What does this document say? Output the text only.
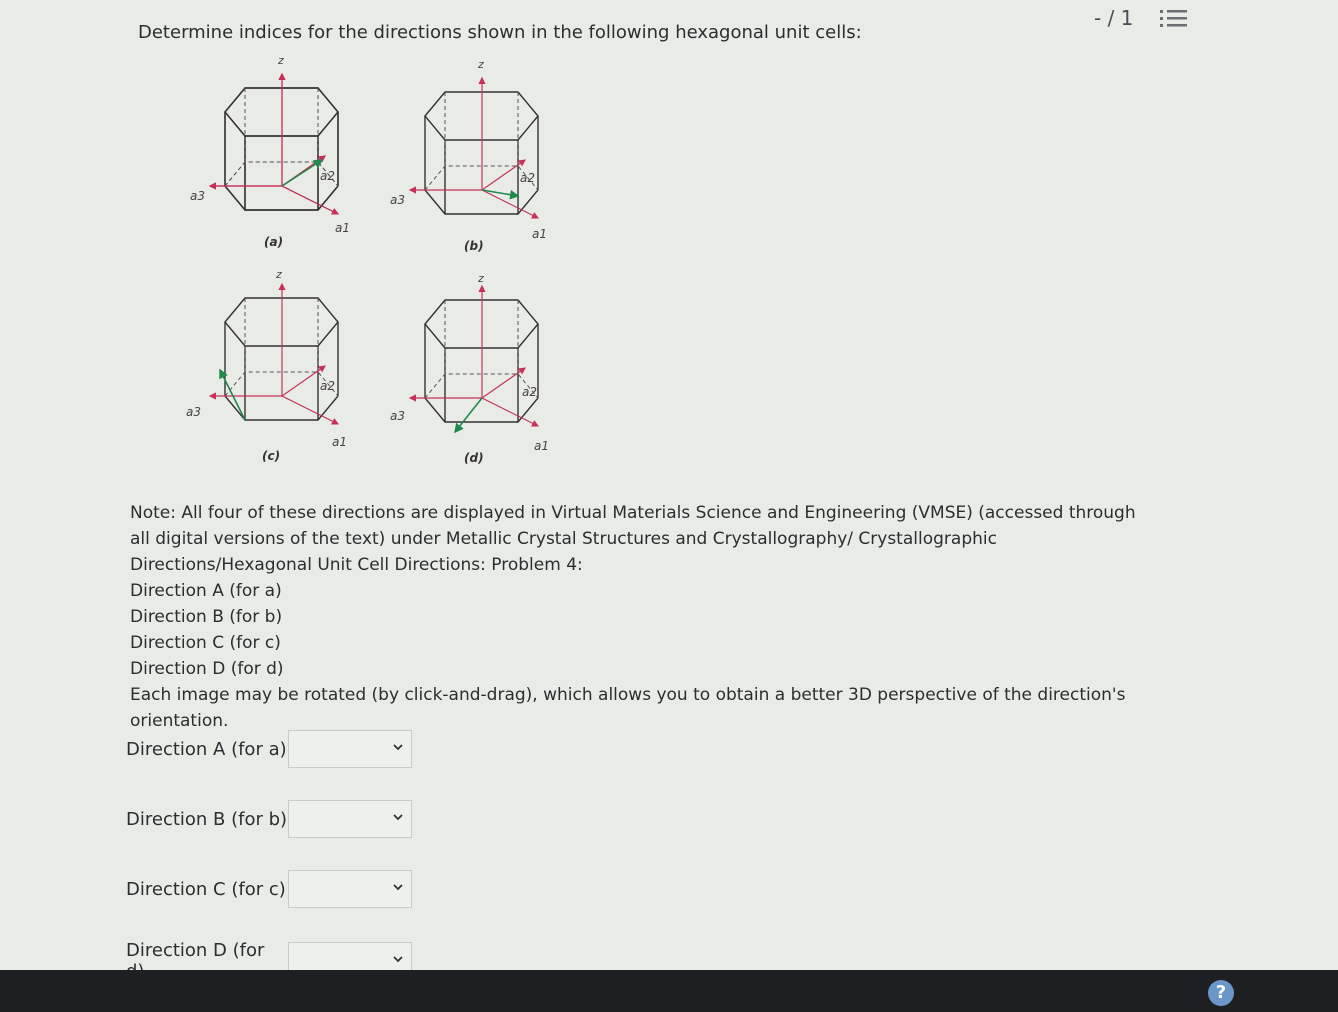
- / 1
Determine indices for the directions shown in the following hexagonal unit cells:
z
a3
a1
a2
(a)
z
a3
a1
a2
(b)
z
a3
a1
a2
(c)
z
a3
a1
a2
(d)

Note: All four of these directions are displayed in Virtual Materials Science and Engineering (VMSE) (accessed through all digital versions of the text) under Metallic Crystal Structures and Crystallography/ Crystallographic Directions/Hexagonal Unit Cell Directions: Problem 4:

Direction A (for a)

Direction B (for b)

Direction C (for c)

Direction D (for d)

Each image may be rotated (by click-and-drag), which allows you to obtain a better 3D perspective of the direction's orientation.

Direction A (for a)
Direction B (for b)
Direction C (for c)
Direction D (for
?
